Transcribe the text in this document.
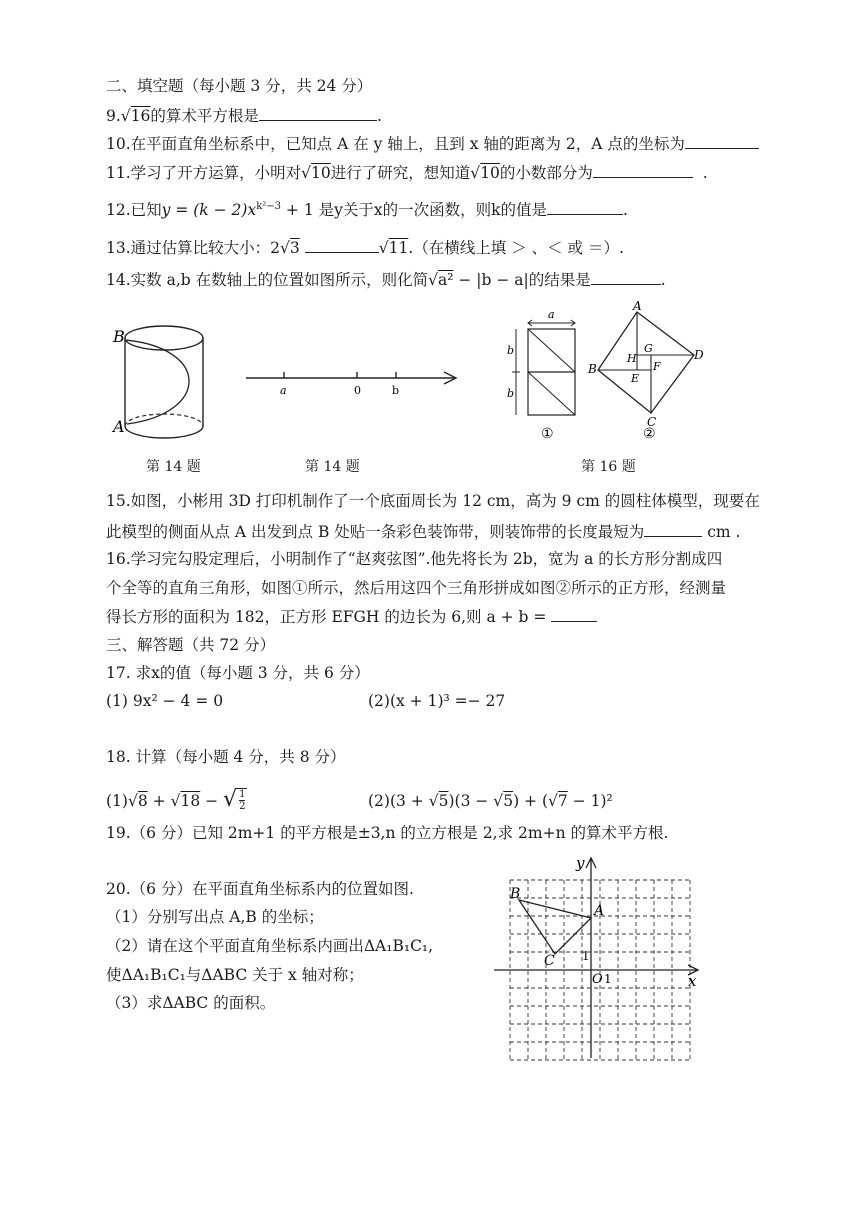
二、填空题（每小题 3 分，共 24 分）
9.√16的算术平方根是	.
10.在平面直角坐标系中，已知点 A 在 y 轴上，且到 x 轴的距离为 2，A 点的坐标为
11.学习了开方运算，小明对√10进行了研究，想知道√10的小数部分为	.
12.已知$y = (k - 2)x^{k^2-3} + 1$ 是y关于x的一次函数，则k的值是	.
13.通过估算比较大小：2√3	√11.（在横线上填 ＞ 、＜ 或 ＝）.
14.实数 a,b 在数轴上的位置如图所示，则化简√a² − |b − a|的结果是	.
B
A
第 14 题
a	0	b
第 14 题
a
b
b
①
A
B
C
D
E
F
G
H
②
第 16 题
15.如图，小彬用 3D 打印机制作了一个底面周长为 12 cm，高为 9 cm 的圆柱体模型，现要在
此模型的侧面从点 A 出发到点 B 处贴一条彩色装饰带，则装饰带的长度最短为	cm .
16.学习完勾股定理后，小明制作了“赵爽弦图”.他先将长为 2b，宽为 a 的长方形分割成四
个全等的直角三角形，如图①所示，然后用这四个三角形拼成如图②所示的正方形，经测量
得长方形的面积为 182，正方形 EFGH 的边长为 6,则 a + b =
三、解答题（共 72 分）
17. 求x的值（每小题 3 分，共 6 分）
(1) 9x² − 4 = 0	(2)(x + 1)³ =− 27
18. 计算（每小题 4 分，共 8 分）
(1)√8 + √18 − √ $\frac{1}{2}$	(2)(3 + √5)(3 − √5) + (√7 − 1)²
19.（6 分）已知 2m+1 的平方根是±3,n 的立方根是 2,求 2m+n 的算术平方根.
20.（6 分）在平面直角坐标系内的位置如图.
（1）分别写出点 A,B 的坐标；
（2）请在这个平面直角坐标系内画出ΔA₁B₁C₁,
使ΔA₁B₁C₁与ΔABC 关于 x 轴对称；
（3）求ΔABC 的面积。
y
x
O 1
1
A
B
C
